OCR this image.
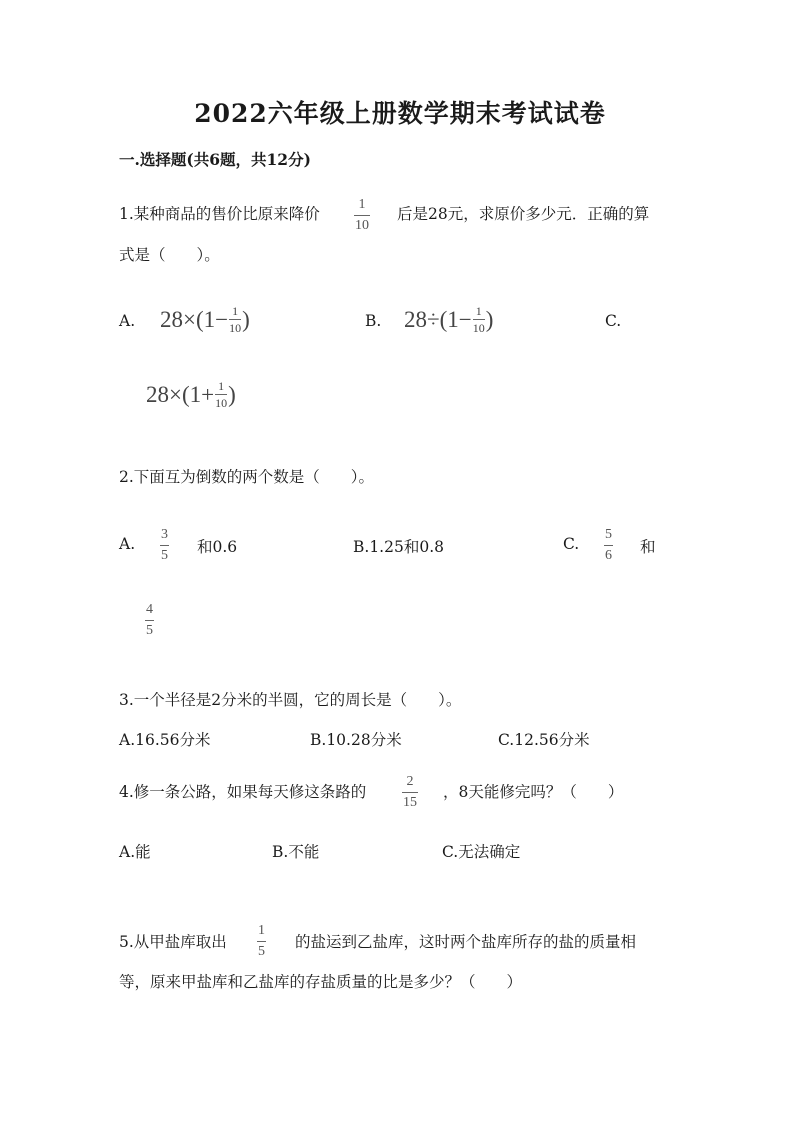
2022六年级上册数学期末考试试卷
一.选择题(共6题，共12分)
1.某种商品的售价比原来降价
1
10
后是28元，求原价多少元．正确的算
式是（　　）。
A. 28×(1− 1
10 )	B. 28÷(1− 1
10 )	C.
28×(1+ 1
10 )
2.下面互为倒数的两个数是（　　）。
A.
3
5 和0.6	B.1.25和0.8	C.
5
6 和
4
5
3.一个半径是2分米的半圆，它的周长是（　　）。
A.16.56分米	B.10.28分米	C.12.56分米
4.修一条公路，如果每天修这条路的
2
15
，8天能修完吗？（　　）
A.能	B.不能	C.无法确定
5.从甲盐库取出
1
5
的盐运到乙盐库，这时两个盐库所存的盐的质量相
等，原来甲盐库和乙盐库的存盐质量的比是多少？（　　）
